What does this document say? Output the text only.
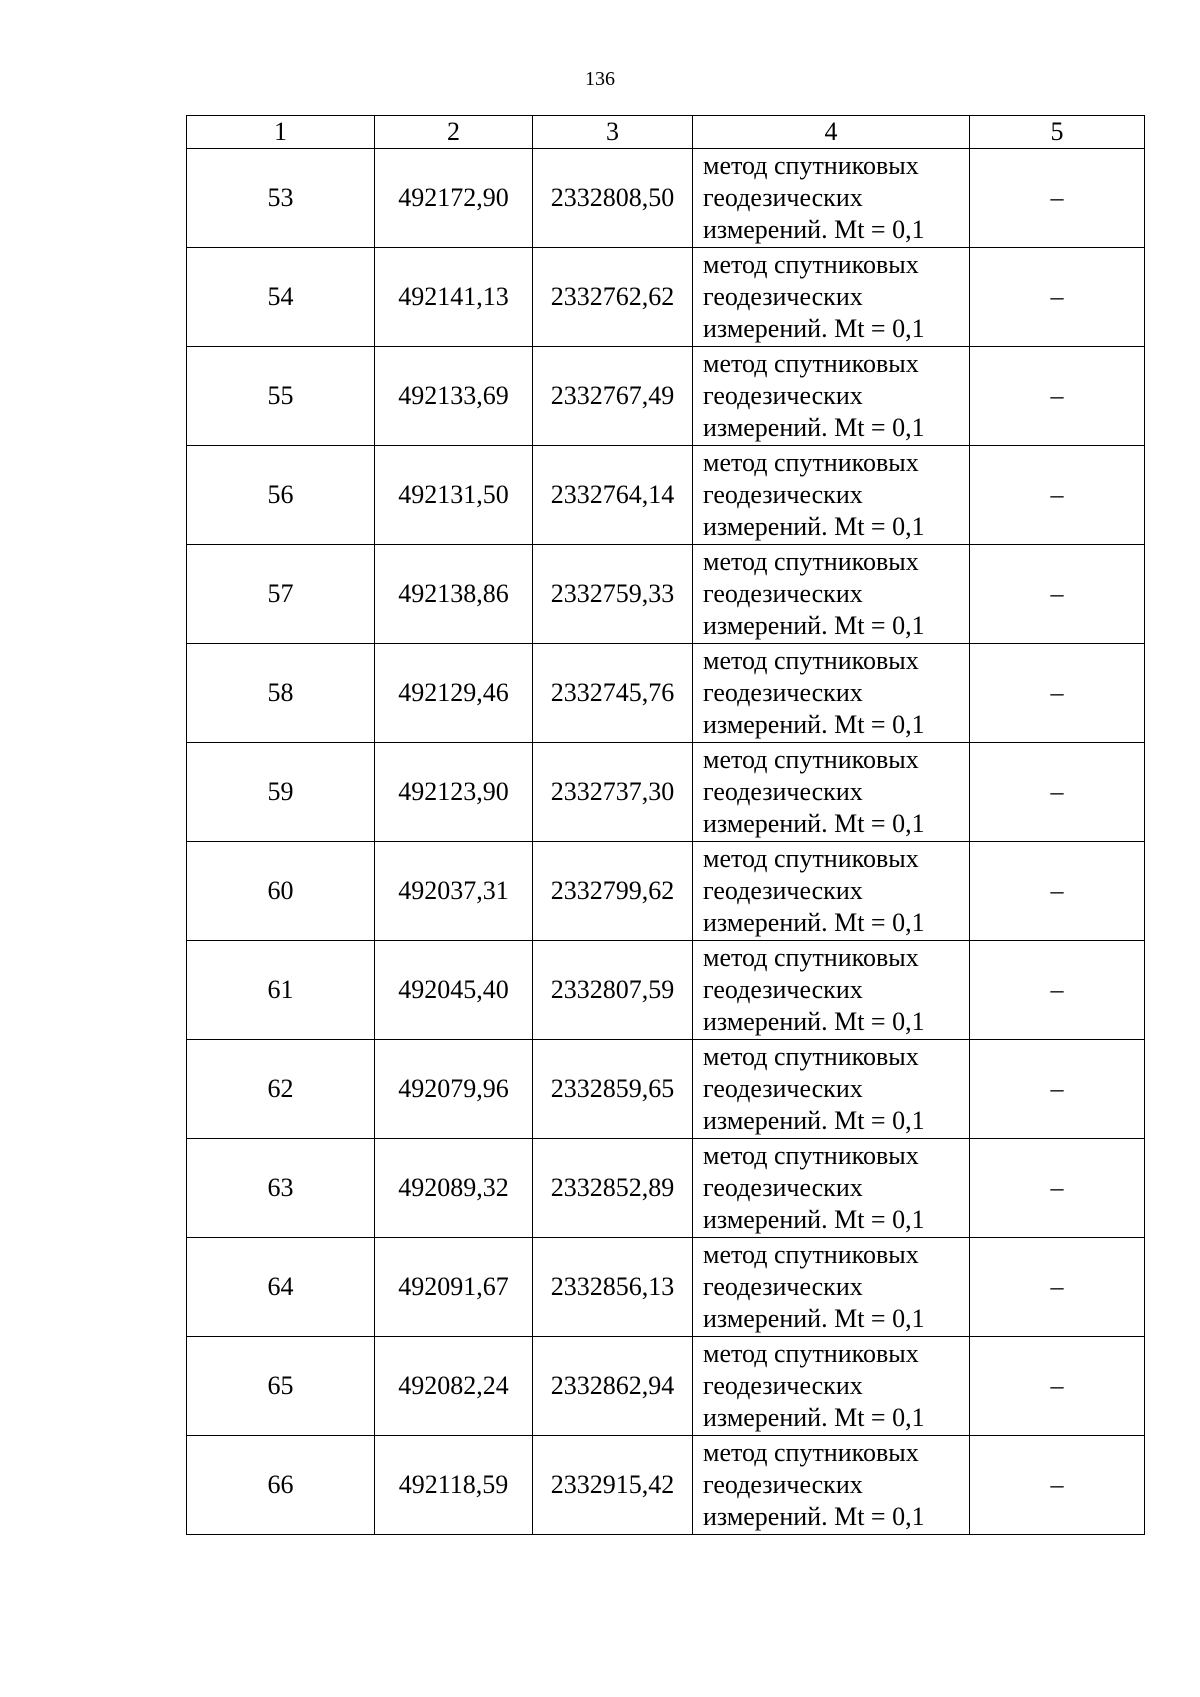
136
1	2	3	4	5
53	492172,90	2332808,50	метод спутниковых геодезических измерений. Mt = 0,1	–
54	492141,13	2332762,62	метод спутниковых геодезических измерений. Mt = 0,1	–
55	492133,69	2332767,49	метод спутниковых геодезических измерений. Mt = 0,1	–
56	492131,50	2332764,14	метод спутниковых геодезических измерений. Mt = 0,1	–
57	492138,86	2332759,33	метод спутниковых геодезических измерений. Mt = 0,1	–
58	492129,46	2332745,76	метод спутниковых геодезических измерений. Mt = 0,1	–
59	492123,90	2332737,30	метод спутниковых геодезических измерений. Mt = 0,1	–
60	492037,31	2332799,62	метод спутниковых геодезических измерений. Mt = 0,1	–
61	492045,40	2332807,59	метод спутниковых геодезических измерений. Mt = 0,1	–
62	492079,96	2332859,65	метод спутниковых геодезических измерений. Mt = 0,1	–
63	492089,32	2332852,89	метод спутниковых геодезических измерений. Mt = 0,1	–
64	492091,67	2332856,13	метод спутниковых геодезических измерений. Mt = 0,1	–
65	492082,24	2332862,94	метод спутниковых геодезических измерений. Mt = 0,1	–
66	492118,59	2332915,42	метод спутниковых геодезических измерений. Mt = 0,1	–
